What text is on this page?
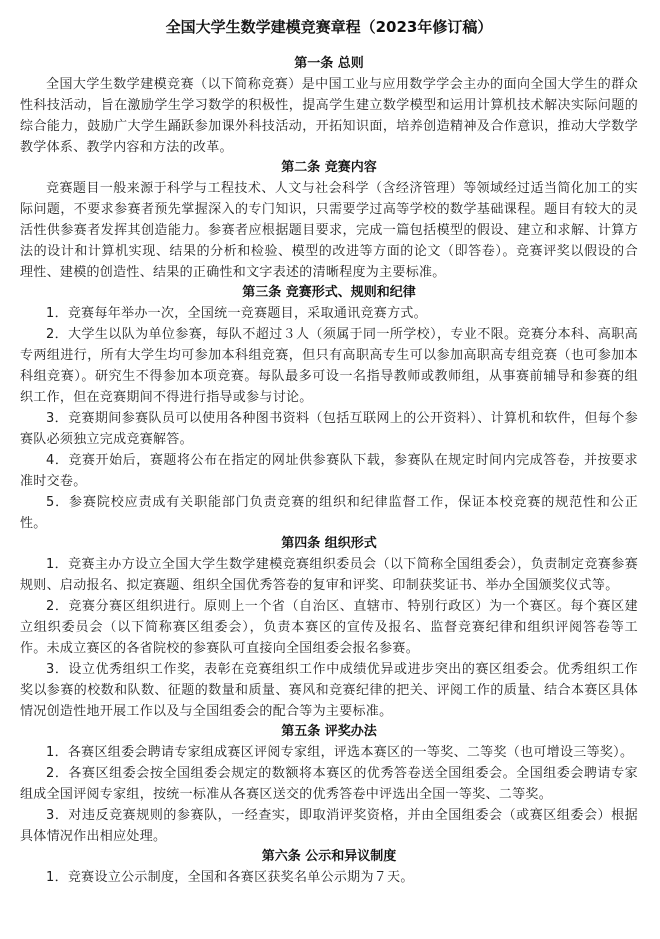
全国大学生数学建模竞赛章程（2023年修订稿）
第一条 总则

全国大学生数学建模竞赛（以下简称竞赛）是中国工业与应用数学学会主办的面向全国大学生的群众性科技活动，旨在激励学生学习数学的积极性，提高学生建立数学模型和运用计算机技术解决实际问题的综合能力，鼓励广大学生踊跃参加课外科技活动，开拓知识面，培养创造精神及合作意识，推动大学数学教学体系、教学内容和方法的改革。

第二条 竞赛内容

竞赛题目一般来源于科学与工程技术、人文与社会科学（含经济管理）等领域经过适当简化加工的实际问题，不要求参赛者预先掌握深入的专门知识，只需要学过高等学校的数学基础课程。题目有较大的灵活性供参赛者发挥其创造能力。参赛者应根据题目要求，完成一篇包括模型的假设、建立和求解、计算方法的设计和计算机实现、结果的分析和检验、模型的改进等方面的论文（即答卷）。竞赛评奖以假设的合理性、建模的创造性、结果的正确性和文字表述的清晰程度为主要标准。

第三条 竞赛形式、规则和纪律

1．竞赛每年举办一次，全国统一竞赛题目，采取通讯竞赛方式。

2．大学生以队为单位参赛，每队不超过３人（须属于同一所学校），专业不限。竞赛分本科、高职高专两组进行，所有大学生均可参加本科组竞赛，但只有高职高专生可以参加高职高专组竞赛（也可参加本科组竞赛）。研究生不得参加本项竞赛。每队最多可设一名指导教师或教师组，从事赛前辅导和参赛的组织工作，但在竞赛期间不得进行指导或参与讨论。

3．竞赛期间参赛队员可以使用各种图书资料（包括互联网上的公开资料）、计算机和软件，但每个参赛队必须独立完成竞赛解答。

4．竞赛开始后，赛题将公布在指定的网址供参赛队下载，参赛队在规定时间内完成答卷，并按要求准时交卷。

5．参赛院校应责成有关职能部门负责竞赛的组织和纪律监督工作，保证本校竞赛的规范性和公正性。

第四条 组织形式

1．竞赛主办方设立全国大学生数学建模竞赛组织委员会（以下简称全国组委会），负责制定竞赛参赛规则、启动报名、拟定赛题、组织全国优秀答卷的复审和评奖、印制获奖证书、举办全国颁奖仪式等。

2．竞赛分赛区组织进行。原则上一个省（自治区、直辖市、特别行政区）为一个赛区。每个赛区建立组织委员会（以下简称赛区组委会），负责本赛区的宣传及报名、监督竞赛纪律和组织评阅答卷等工作。未成立赛区的各省院校的参赛队可直接向全国组委会报名参赛。

3．设立优秀组织工作奖，表彰在竞赛组织工作中成绩优异或进步突出的赛区组委会。优秀组织工作奖以参赛的校数和队数、征题的数量和质量、赛风和竞赛纪律的把关、评阅工作的质量、结合本赛区具体情况创造性地开展工作以及与全国组委会的配合等为主要标准。

第五条 评奖办法

1．各赛区组委会聘请专家组成赛区评阅专家组，评选本赛区的一等奖、二等奖（也可增设三等奖）。

2．各赛区组委会按全国组委会规定的数额将本赛区的优秀答卷送全国组委会。全国组委会聘请专家组成全国评阅专家组，按统一标准从各赛区送交的优秀答卷中评选出全国一等奖、二等奖。

3．对违反竞赛规则的参赛队，一经查实，即取消评奖资格，并由全国组委会（或赛区组委会）根据具体情况作出相应处理。

第六条 公示和异议制度

1．竞赛设立公示制度，全国和各赛区获奖名单公示期为７天。
